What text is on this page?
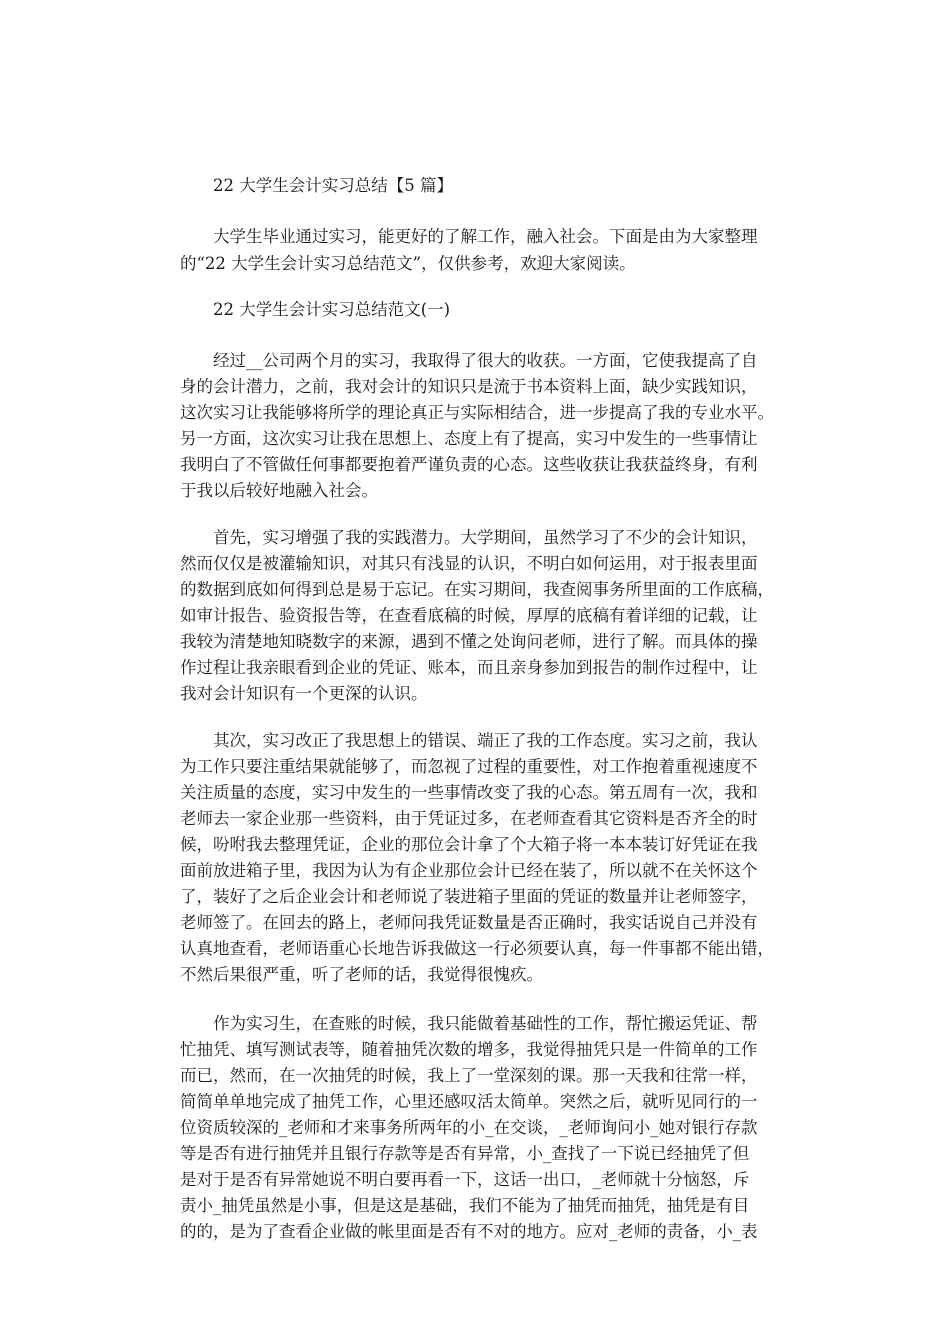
22 大学生会计实习总结【5 篇】
大学生毕业通过实习，能更好的了解工作，融入社会。下面是由为大家整理
的“22 大学生会计实习总结范文”，仅供参考，欢迎大家阅读。
22 大学生会计实习总结范文(一)
经过__公司两个月的实习，我取得了很大的收获。一方面，它使我提高了自
身的会计潜力，之前，我对会计的知识只是流于书本资料上面，缺少实践知识，
这次实习让我能够将所学的理论真正与实际相结合，进一步提高了我的专业水平。
另一方面，这次实习让我在思想上、态度上有了提高，实习中发生的一些事情让
我明白了不管做任何事都要抱着严谨负责的心态。这些收获让我获益终身，有利
于我以后较好地融入社会。
首先，实习增强了我的实践潜力。大学期间，虽然学习了不少的会计知识，
然而仅仅是被灌输知识，对其只有浅显的认识，不明白如何运用，对于报表里面
的数据到底如何得到总是易于忘记。在实习期间，我查阅事务所里面的工作底稿，
如审计报告、验资报告等，在查看底稿的时候，厚厚的底稿有着详细的记载，让
我较为清楚地知晓数字的来源，遇到不懂之处询问老师，进行了解。而具体的操
作过程让我亲眼看到企业的凭证、账本，而且亲身参加到报告的制作过程中，让
我对会计知识有一个更深的认识。
其次，实习改正了我思想上的错误、端正了我的工作态度。实习之前，我认
为工作只要注重结果就能够了，而忽视了过程的重要性，对工作抱着重视速度不
关注质量的态度，实习中发生的一些事情改变了我的心态。第五周有一次，我和
老师去一家企业那一些资料，由于凭证过多，在老师查看其它资料是否齐全的时
候，吩咐我去整理凭证，企业的那位会计拿了个大箱子将一本本装订好凭证在我
面前放进箱子里，我因为认为有企业那位会计已经在装了，所以就不在关怀这个
了，装好了之后企业会计和老师说了装进箱子里面的凭证的数量并让老师签字，
老师签了。在回去的路上，老师问我凭证数量是否正确时，我实话说自己并没有
认真地查看，老师语重心长地告诉我做这一行必须要认真，每一件事都不能出错，
不然后果很严重，听了老师的话，我觉得很愧疚。
作为实习生，在查账的时候，我只能做着基础性的工作，帮忙搬运凭证、帮
忙抽凭、填写测试表等，随着抽凭次数的增多，我觉得抽凭只是一件简单的工作
而已，然而，在一次抽凭的时候，我上了一堂深刻的课。那一天我和往常一样，
简简单单地完成了抽凭工作，心里还感叹活太简单。突然之后，就听见同行的一
位资质较深的_老师和才来事务所两年的小_在交谈，_老师询问小_她对银行存款
等是否有进行抽凭并且银行存款等是否有异常，小_查找了一下说已经抽凭了但
是对于是否有异常她说不明白要再看一下，这话一出口，_老师就十分恼怒，斥
责小_抽凭虽然是小事，但是这是基础，我们不能为了抽凭而抽凭，抽凭是有目
的的，是为了查看企业做的帐里面是否有不对的地方。应对_老师的责备，小_表
